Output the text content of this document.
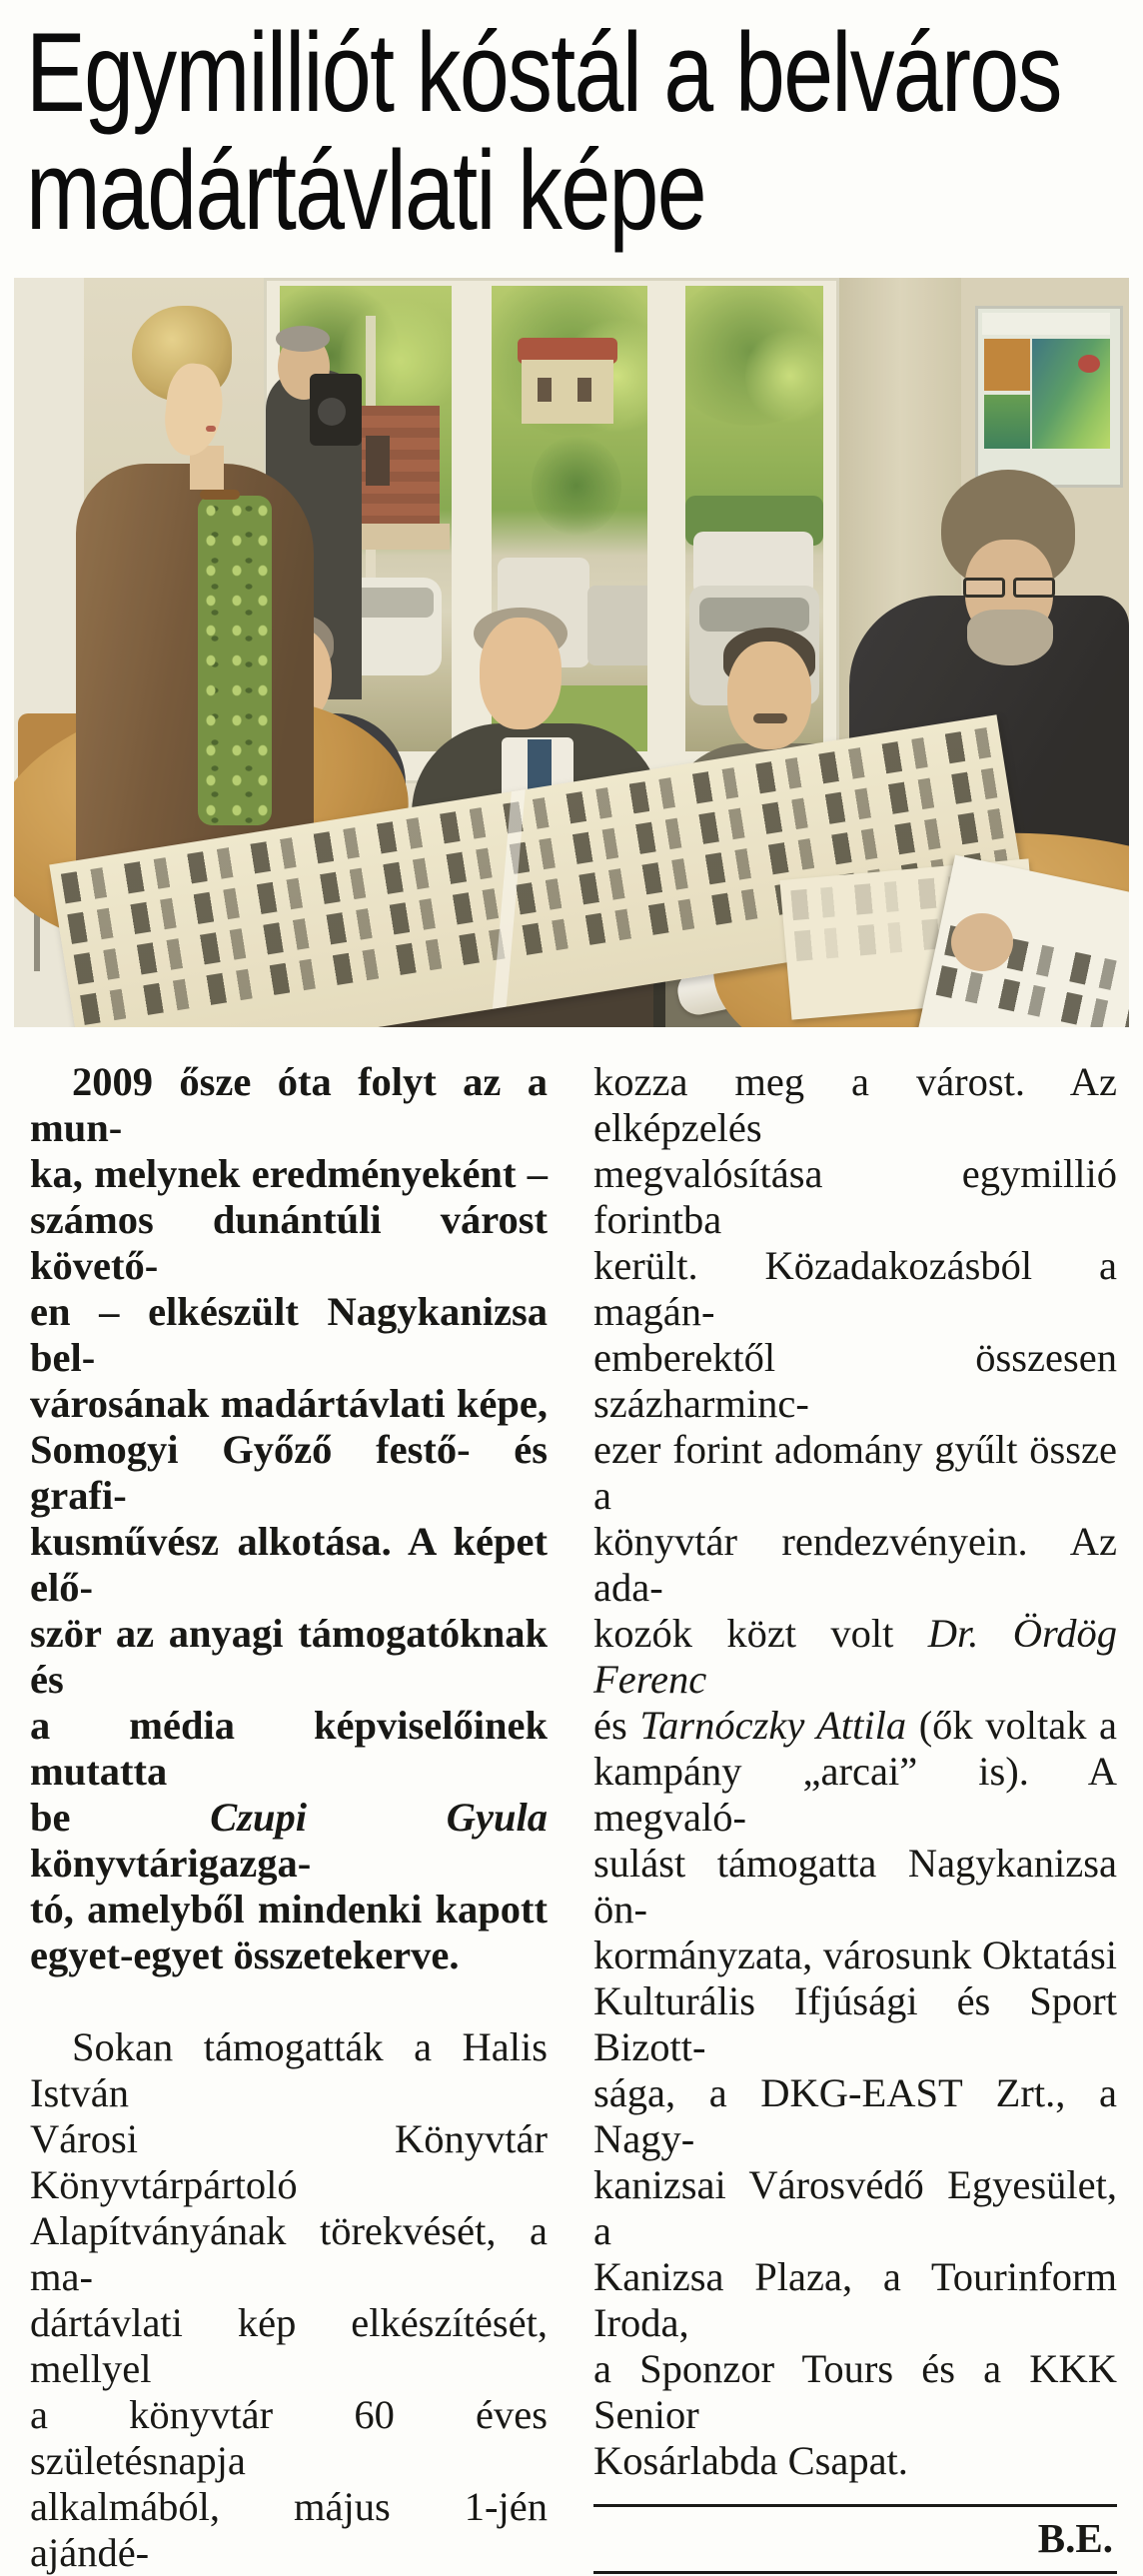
Egymilliót kóstál a belváros
madártávlati képe
2009 ősze óta folyt az a mun-
ka, melynek eredményeként –
számos dunántúli várost követő-
en – elkészült Nagykanizsa bel-
városának madártávlati képe,
Somogyi Győző festő- és grafi-
kusművész alkotása. A képet elő-
ször az anyagi támogatóknak és
a média képviselőinek mutatta
be Czupi Gyula könyvtárigazga-
tó, amelyből mindenki kapott
egyet-egyet összetekerve.
Sokan támogatták a Halis István
Városi Könyvtár Könyvtárpártoló
Alapítványának törekvését, a ma-
dártávlati kép elkészítését, mellyel
a könyvtár 60 éves születésnapja
alkalmából, május 1-jén ajándé-
kozza meg a várost. Az elképzelés
megvalósítása egymillió forintba
került. Közadakozásból a magán-
emberektől összesen százharminc-
ezer forint adomány gyűlt össze a
könyvtár rendezvényein. Az ada-
kozók közt volt Dr. Ördög Ferenc
és Tarnóczky Attila (ők voltak a
kampány „arcai” is). A megvaló-
sulást támogatta Nagykanizsa ön-
kormányzata, városunk Oktatási
Kulturális Ifjúsági és Sport Bizott-
sága, a DKG-EAST Zrt., a Nagy-
kanizsai Városvédő Egyesület, a
Kanizsa Plaza, a Tourinform Iroda,
a Sponzor Tours és a KKK Senior
Kosárlabda Csapat.
B.E.
